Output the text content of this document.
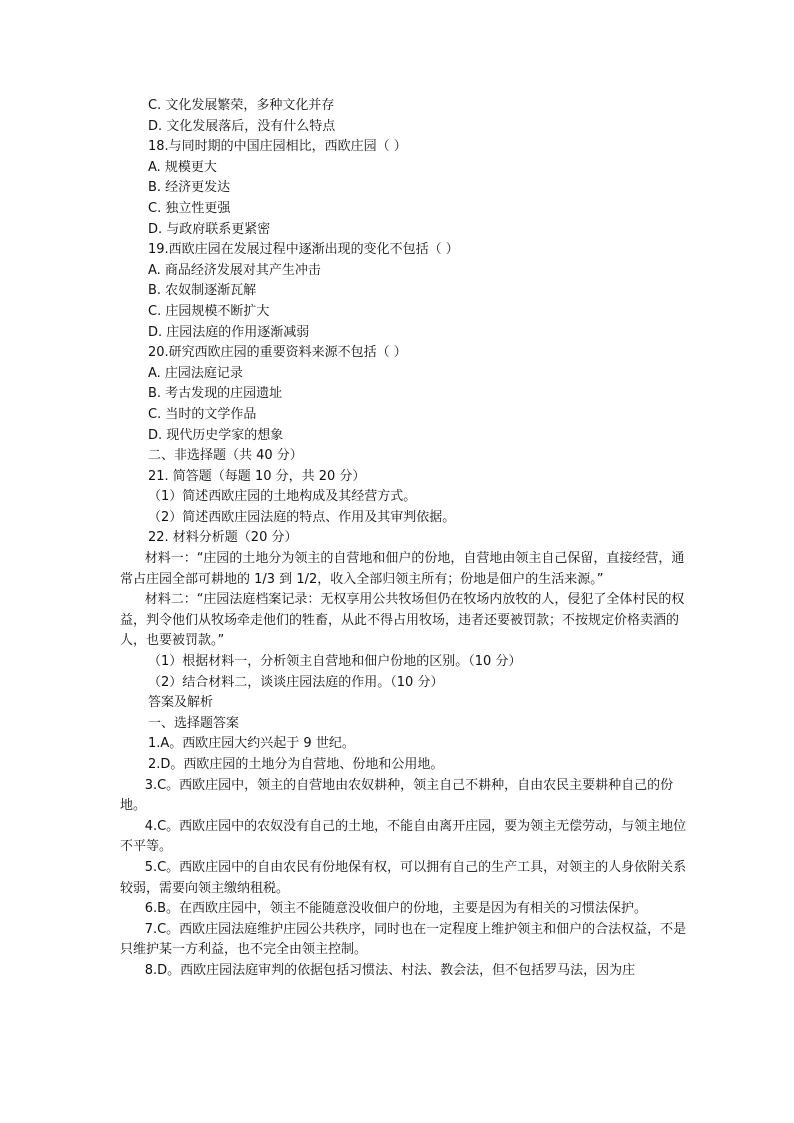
C. 文化发展繁荣，多种文化并存
D. 文化发展落后，没有什么特点
18.与同时期的中国庄园相比，西欧庄园（ ）
A. 规模更大
B. 经济更发达
C. 独立性更强
D. 与政府联系更紧密
19.西欧庄园在发展过程中逐渐出现的变化不包括（ ）
A. 商品经济发展对其产生冲击
B. 农奴制逐渐瓦解
C. 庄园规模不断扩大
D. 庄园法庭的作用逐渐减弱
20.研究西欧庄园的重要资料来源不包括（ ）
A. 庄园法庭记录
B. 考古发现的庄园遗址
C. 当时的文学作品
D. 现代历史学家的想象
二、非选择题（共 40 分）
21. 简答题（每题 10 分，共 20 分）
（1）简述西欧庄园的土地构成及其经营方式。
（2）简述西欧庄园法庭的特点、作用及其审判依据。
22. 材料分析题（20 分）
材料一：“庄园的土地分为领主的自营地和佃户的份地，自营地由领主自己保留，直接经营，通常占庄园全部可耕地的 1/3 到 1/2，收入全部归领主所有；份地是佃户的生活来源。”
材料二：“庄园法庭档案记录：无权享用公共牧场但仍在牧场内放牧的人，侵犯了全体村民的权益，判令他们从牧场牵走他们的牲畜，从此不得占用牧场，违者还要被罚款；不按规定价格卖酒的人，也要被罚款。”
（1）根据材料一，分析领主自营地和佃户份地的区别。（10 分）
（2）结合材料二，谈谈庄园法庭的作用。（10 分）
答案及解析
一、选择题答案
1.A。西欧庄园大约兴起于 9 世纪。
2.D。西欧庄园的土地分为自营地、份地和公用地。
3.C。西欧庄园中，领主的自营地由农奴耕种，领主自己不耕种，自由农民主要耕种自己的份地。
4.C。西欧庄园中的农奴没有自己的土地，不能自由离开庄园，要为领主无偿劳动，与领主地位不平等。
5.C。西欧庄园中的自由农民有份地保有权，可以拥有自己的生产工具，对领主的人身依附关系较弱，需要向领主缴纳租税。
6.B。在西欧庄园中，领主不能随意没收佃户的份地，主要是因为有相关的习惯法保护。
7.C。西欧庄园法庭维护庄园公共秩序，同时也在一定程度上维护领主和佃户的合法权益，不是只维护某一方利益，也不完全由领主控制。
8.D。西欧庄园法庭审判的依据包括习惯法、村法、教会法，但不包括罗马法，因为庄
